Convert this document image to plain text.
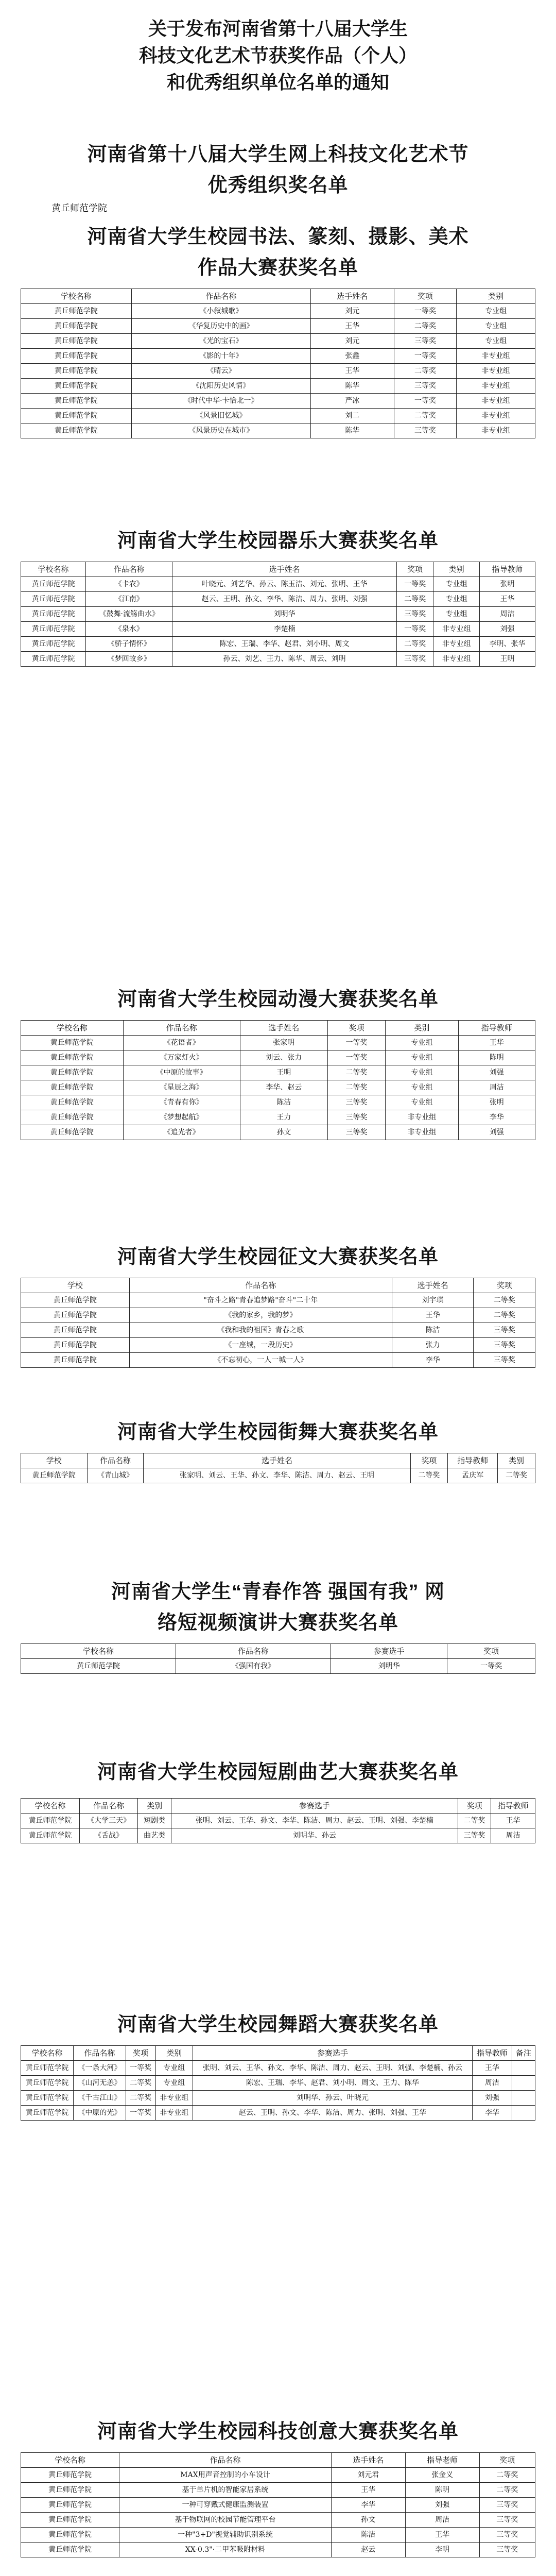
关于发布河南省第十八届大学生
科技文化艺术节获奖作品（个人）
和优秀组织单位名单的通知
河南省第十八届大学生网上科技文化艺术节
优秀组织奖名单
黄丘师范学院
河南省大学生校园书法、篆刻、摄影、美术
作品大赛获奖名单
学校名称	作品名称	选手姓名	奖项	类别
黄丘师范学院	《小叙城歌》	刘元	一等奖	专业组
黄丘师范学院	《华复历史中的画》	王华	二等奖	专业组
黄丘师范学院	《光的宝石》	刘元	三等奖	专业组
黄丘师范学院	《影的十年》	张鑫	一等奖	非专业组
黄丘师范学院	《晴云》	王华	二等奖	非专业组
黄丘师范学院	《沈阳历史风情》	陈华	三等奖	非专业组
黄丘师范学院	《时代中华·卡恰北一》	严冰	一等奖	非专业组
黄丘师范学院	《风景旧忆城》	刘二	二等奖	非专业组
黄丘师范学院	《风景历史在城市》	陈华	三等奖	非专业组
河南省大学生校园器乐大赛获奖名单
学校名称	作品名称	选手姓名	奖项	类别	指导教师
黄丘师范学院	《卡农》	叶晓元、刘艺华、孙云、陈玉洁、刘元、张明、王华	一等奖	专业组	张明
黄丘师范学院	《江南》	赵云、王明、孙文、李华、陈洁、周力、张明、刘强	二等奖	专业组	王华
黄丘师范学院	《鼓舞·流觞曲水》	刘明华	三等奖	专业组	周洁
黄丘师范学院	《泉水》	李楚楠	一等奖	非专业组	刘强
黄丘师范学院	《骄子情怀》	陈宏、王瑞、李华、赵君、刘小明、周文	二等奖	非专业组	李明、张华
黄丘师范学院	《梦回故乡》	孙云、刘艺、王力、陈华、周云、刘明	三等奖	非专业组	王明
河南省大学生校园动漫大赛获奖名单
学校名称	作品名称	选手姓名	奖项	类别	指导教师
黄丘师范学院	《花语者》	张家明	一等奖	专业组	王华
黄丘师范学院	《万家灯火》	刘云、张力	一等奖	专业组	陈明
黄丘师范学院	《中原的故事》	王明	二等奖	专业组	刘强
黄丘师范学院	《星辰之海》	李华、赵云	二等奖	专业组	周洁
黄丘师范学院	《青春有你》	陈洁	三等奖	专业组	张明
黄丘师范学院	《梦想起航》	王力	三等奖	非专业组	李华
黄丘师范学院	《追光者》	孙文	三等奖	非专业组	刘强
河南省大学生校园征文大赛获奖名单
学校	作品名称	选手姓名	奖项
黄丘师范学院	"奋斗之路"青春追梦路"奋斗"二十年	刘宇琪	二等奖
黄丘师范学院	《我的家乡，我的梦》	王华	二等奖
黄丘师范学院	《我和我的祖国》青春之歌	陈洁	三等奖
黄丘师范学院	《一座城，一段历史》	张力	三等奖
黄丘师范学院	《不忘初心，一人一城一人》	李华	三等奖
河南省大学生校园街舞大赛获奖名单
学校	作品名称	选手姓名	奖项	指导教师	类别
黄丘师范学院	《青山城》	张家明、刘云、王华、孙文、李华、陈洁、周力、赵云、王明	二等奖	孟庆军	二等奖
河南省大学生“青春作答 强国有我” 网
络短视频演讲大赛获奖名单
学校名称	作品名称	参赛选手	奖项
黄丘师范学院	《强国有我》	刘明华	一等奖
河南省大学生校园短剧曲艺大赛获奖名单
学校名称	作品名称	类别	参赛选手	奖项	指导教师
黄丘师范学院	《大学三天》	短剧类	张明、刘云、王华、孙文、李华、陈洁、周力、赵云、王明、刘强、李楚楠	二等奖	王华
黄丘师范学院	《舌战》	曲艺类	刘明华、孙云	三等奖	周洁
河南省大学生校园舞蹈大赛获奖名单
学校名称	作品名称	奖项	类别	参赛选手	指导教师	备注
黄丘师范学院	《一条大河》	一等奖	专业组	张明、刘云、王华、孙文、李华、陈洁、周力、赵云、王明、刘强、李楚楠、孙云	王华	
黄丘师范学院	《山河无恙》	二等奖	专业组	陈宏、王瑞、李华、赵君、刘小明、周文、王力、陈华	周洁	
黄丘师范学院	《千古江山》	二等奖	非专业组	刘明华、孙云、叶晓元	刘强	
黄丘师范学院	《中原的光》	一等奖	非专业组	赵云、王明、孙文、李华、陈洁、周力、张明、刘强、王华	李华	
河南省大学生校园科技创意大赛获奖名单
学校名称	作品名称	选手姓名	指导老师	奖项
黄丘师范学院	MAX用声音控制的小车设计	刘元君	张金义	二等奖
黄丘师范学院	基于单片机的智能家居系统	王华	陈明	二等奖
黄丘师范学院	一种可穿戴式健康监测装置	李华	刘强	三等奖
黄丘师范学院	基于物联网的校园节能管理平台	孙文	周洁	三等奖
黄丘师范学院	一种"3+D"视觉辅助识别系统	陈洁	王华	三等奖
黄丘师范学院	XX-0.3"·二甲苯吸附材料	赵云	李明	三等奖
